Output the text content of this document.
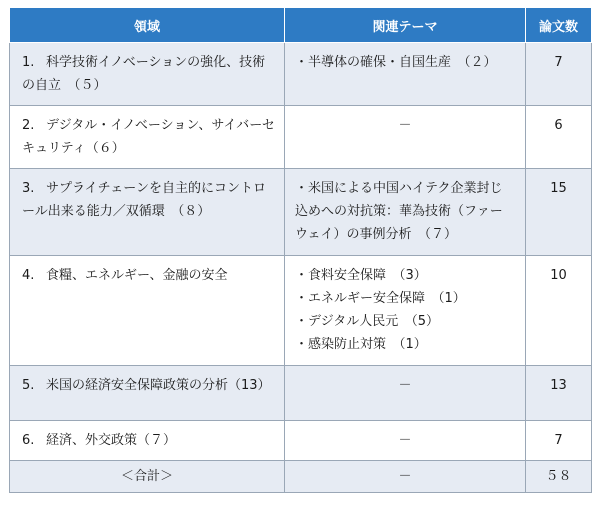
領域	関連テーマ	論文数
1. 科学技術イノベーションの強化、技術の自立　（５）	・半導体の確保・自国生産　（２）	7
2. デジタル・イノベーション、サイバーセキュリティ（６）	－	6
3. サプライチェーンを自主的にコントロール出来る能力／双循環　（８）	・米国による中国ハイテク企業封じ込めへの対抗策：華為技術（ファーウェイ）の事例分析　（７）	15
4. 食糧、エネルギー、金融の安全	・食料安全保障　（3）
・エネルギー安全保障　（1）
・デジタル人民元　（5）
・感染防止対策　（1）	10
5. 米国の経済安全保障政策の分析（13）	－	13
6. 経済、外交政策（７）	－	7
＜合計＞	－	５８
